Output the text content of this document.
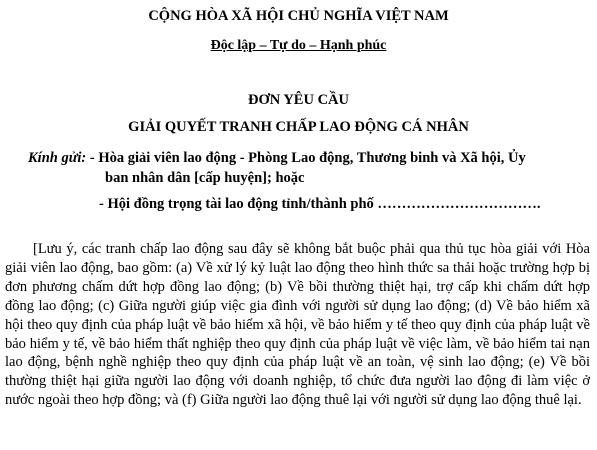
CỘNG HÒA XÃ HỘI CHỦ NGHĨA VIỆT NAM
Độc lập – Tự do – Hạnh phúc
ĐƠN YÊU CẦU
GIẢI QUYẾT TRANH CHẤP LAO ĐỘNG CÁ NHÂN
Kính gửi: - Hòa giải viên lao động - Phòng Lao động, Thương binh và Xã hội, Ủy
ban nhân dân [cấp huyện]; hoặc
- Hội đồng trọng tài lao động tỉnh/thành phố …………………………….
[Lưu ý, các tranh chấp lao động sau đây sẽ không bắt buộc phải qua thủ tục hòa giải với Hòa giải viên lao động, bao gồm: (a) Về xử lý kỷ luật lao động theo hình thức sa thải hoặc trường hợp bị đơn phương chấm dứt hợp đồng lao động; (b) Về bồi thường thiệt hại, trợ cấp khi chấm dứt hợp đồng lao động; (c) Giữa người giúp việc gia đình với người sử dụng lao động; (d) Về bảo hiểm xã hội theo quy định của pháp luật về bảo hiểm xã hội, về bảo hiểm y tế theo quy định của pháp luật về bảo hiểm y tế, về bảo hiểm thất nghiệp theo quy định của pháp luật về việc làm, về bảo hiểm tai nạn lao động, bệnh nghề nghiệp theo quy định của pháp luật về an toàn, vệ sinh lao động; (e) Về bồi thường thiệt hại giữa người lao động với doanh nghiệp, tổ chức đưa người lao động đi làm việc ở nước ngoài theo hợp đồng; và (f) Giữa người lao động thuê lại với người sử dụng lao động thuê lại.
